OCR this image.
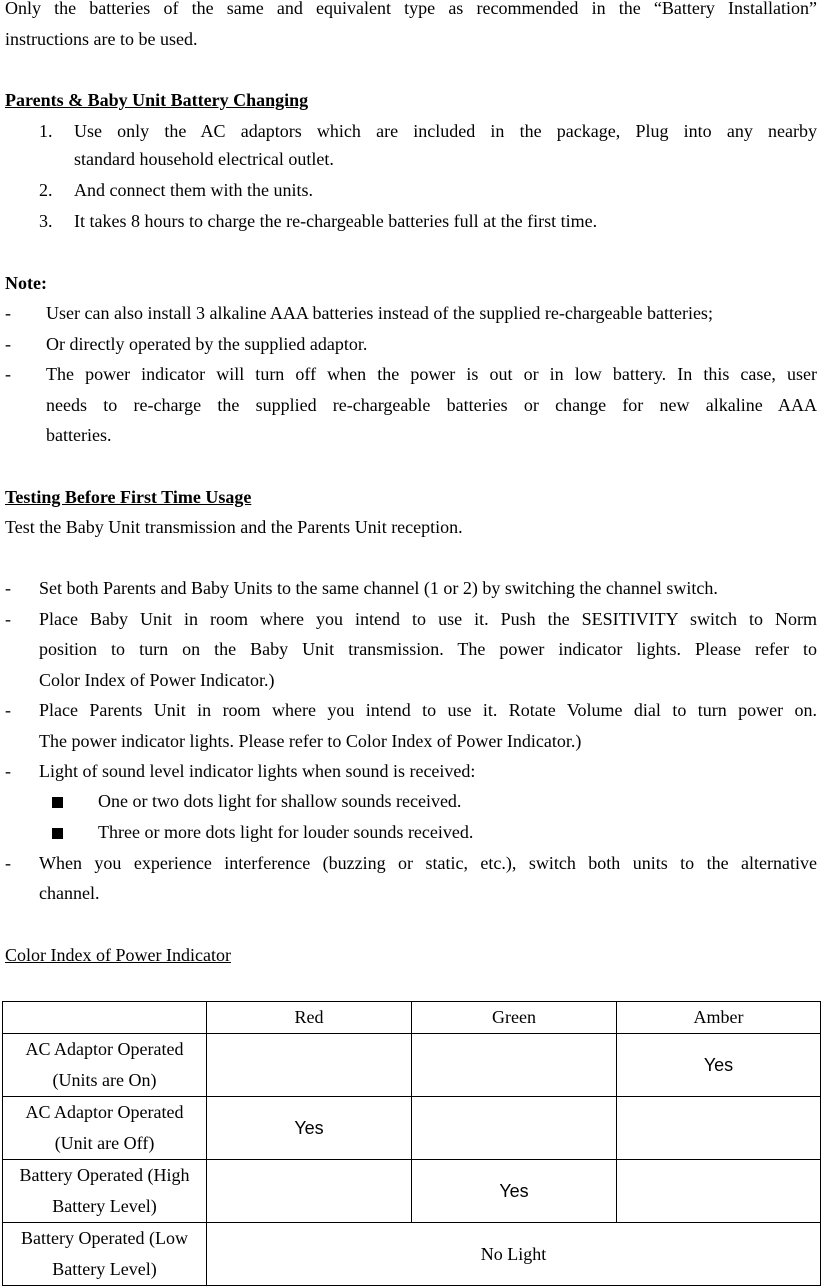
Only the batteries of the same and equivalent type as recommended in the “Battery Installation”
instructions are to be used.
Parents & Baby Unit Battery Changing
1. Use only the AC adaptors which are included in the package, Plug into any nearby
standard household electrical outlet.
2. And connect them with the units.
3. It takes 8 hours to charge the re-chargeable batteries full at the first time.
Note:
- User can also install 3 alkaline AAA batteries instead of the supplied re-chargeable batteries;
- Or directly operated by the supplied adaptor.
- The power indicator will turn off when the power is out or in low battery. In this case, user
needs to re-charge the supplied re-chargeable batteries or change for new alkaline AAA
batteries.
Testing Before First Time Usage
Test the Baby Unit transmission and the Parents Unit reception.
- Set both Parents and Baby Units to the same channel (1 or 2) by switching the channel switch.
- Place Baby Unit in room where you intend to use it. Push the SESITIVITY switch to Norm
position to turn on the Baby Unit transmission. The power indicator lights. Please refer to
Color Index of Power Indicator.)
- Place Parents Unit in room where you intend to use it. Rotate Volume dial to turn power on.
The power indicator lights. Please refer to Color Index of Power Indicator.)
- Light of sound level indicator lights when sound is received:
One or two dots light for shallow sounds received.
Three or more dots light for louder sounds received.
- When you experience interference (buzzing or static, etc.), switch both units to the alternative
channel.
Color Index of Power Indicator
	Red	Green	Amber

AC Adaptor Operated
(Units are On)			Yes

AC Adaptor Operated
(Unit are Off)	Yes		

Battery Operated (High
Battery Level)		Yes	

Battery Operated (Low
Battery Level)	No Light		
